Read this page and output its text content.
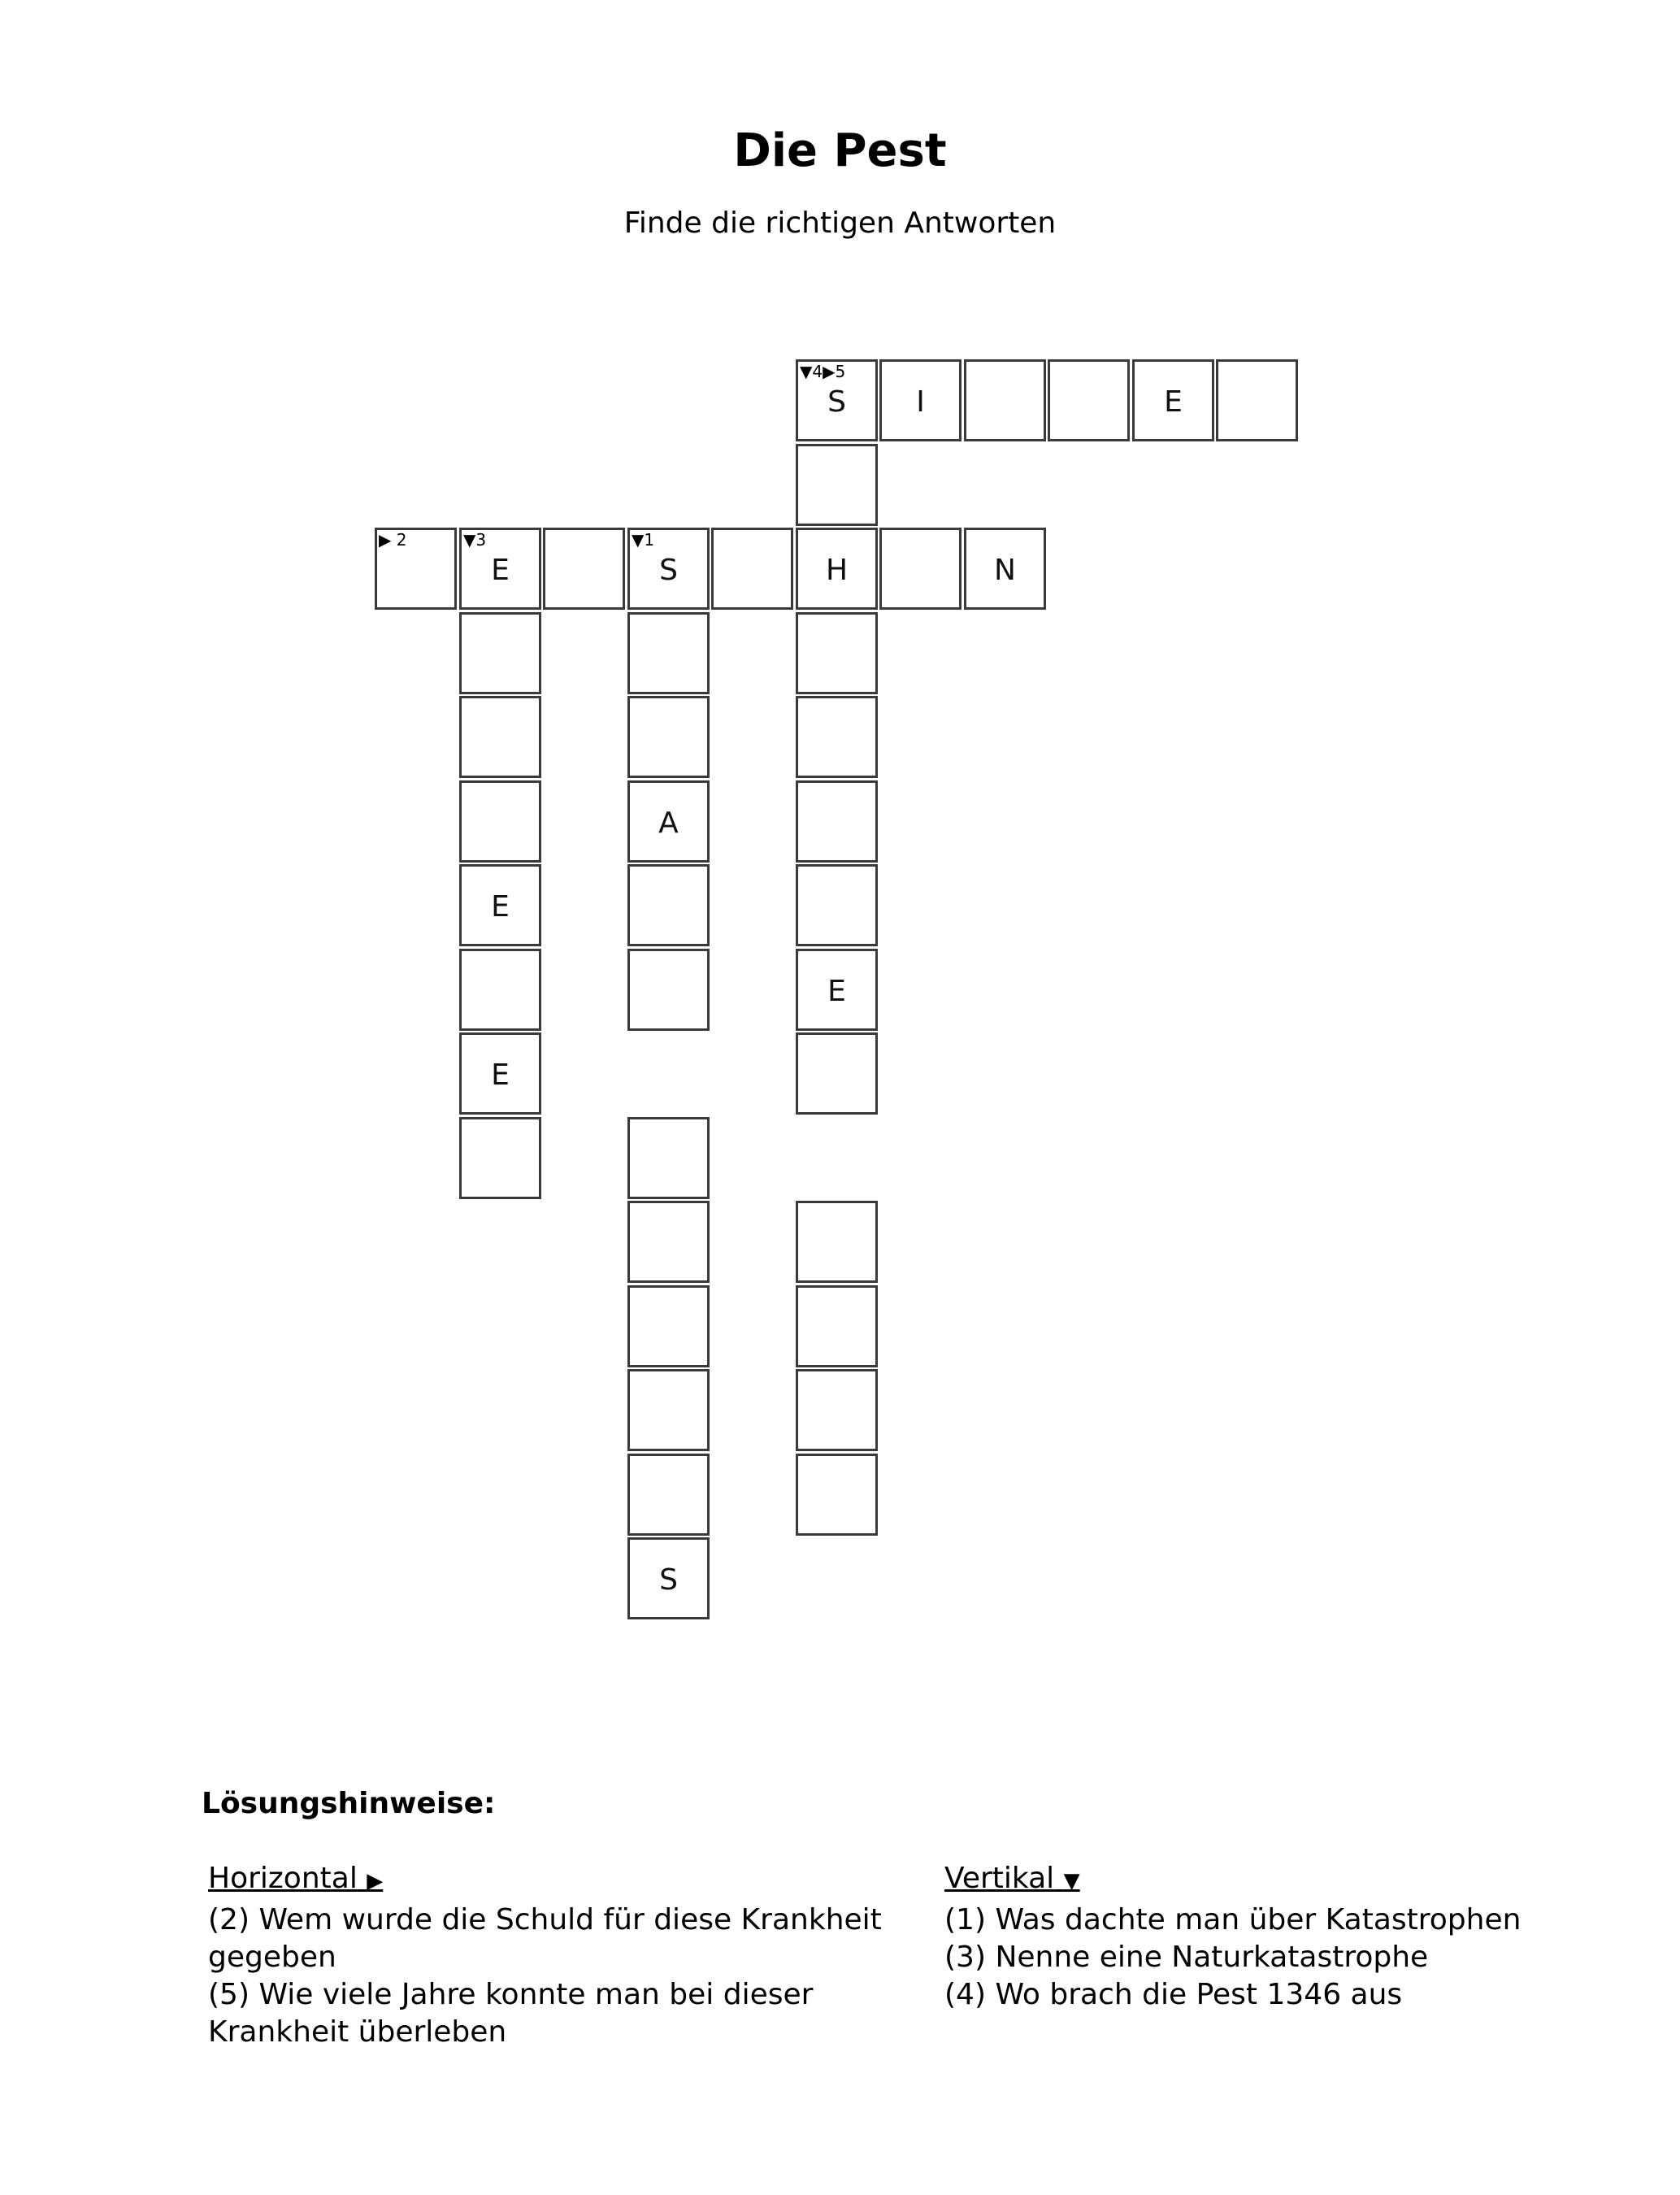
Die Pest
Finde die richtigen Antworten
▼4▶5
S	I	E
▶ 2	▼3
E
▼1
S	H	N
E
E
A
S
E
Lösungshinweise:
Horizontal ▶

(2) Wem wurde die Schuld für diese Krankheit gegeben

(5) Wie viele Jahre konnte man bei dieser Krankheit überleben

Vertikal ▼

(1) Was dachte man über Katastrophen

(3) Nenne eine Naturkatastrophe

(4) Wo brach die Pest 1346 aus
